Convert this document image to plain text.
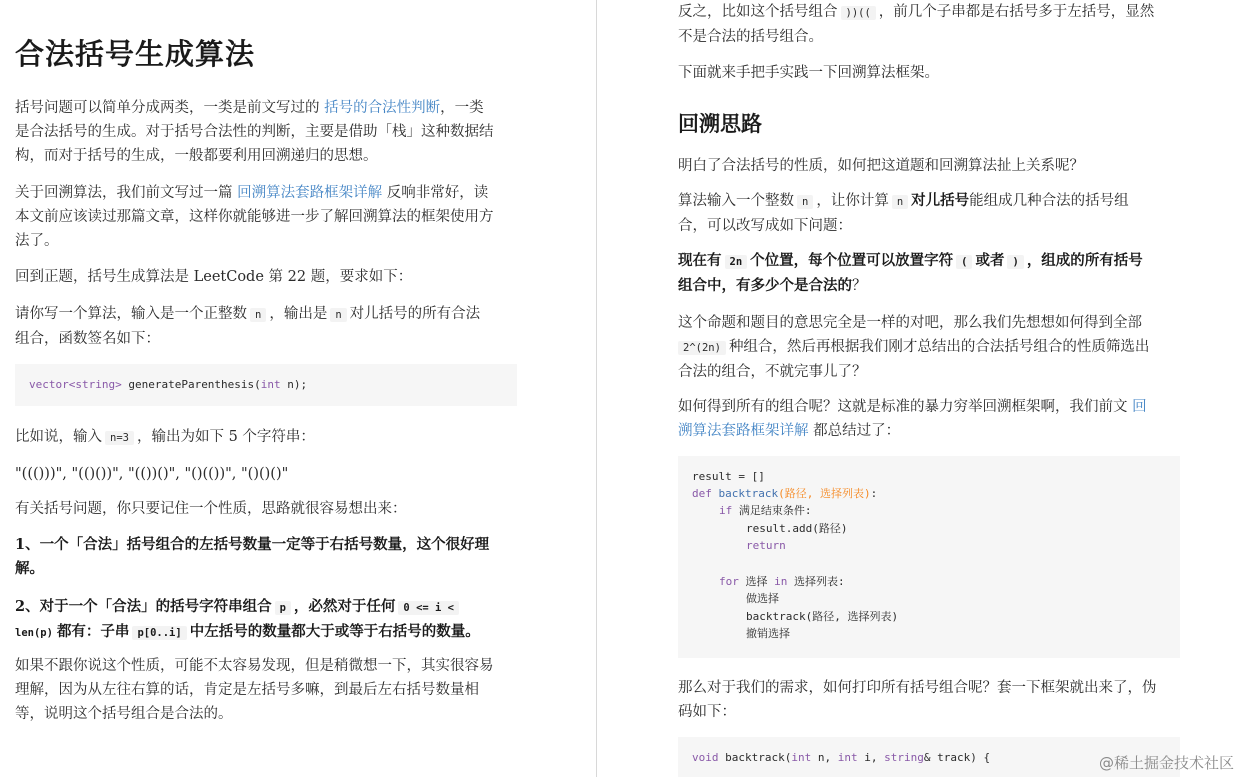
合法括号生成算法
括号问题可以简单分成两类，一类是前文写过的 括号的合法性判断，一类
是合法括号的生成。对于括号合法性的判断，主要是借助「栈」这种数据结
构，而对于括号的生成，一般都要利用回溯递归的思想。
关于回溯算法，我们前文写过一篇 回溯算法套路框架详解 反响非常好，读
本文前应该读过那篇文章，这样你就能够进一步了解回溯算法的框架使用方
法了。
回到正题，括号生成算法是 LeetCode 第 22 题，要求如下：
请你写一个算法，输入是一个正整数 n ，输出是 n 对儿括号的所有合法
组合，函数签名如下：
vector<string> generateParenthesis(int n);
比如说，输入 n=3 ，输出为如下 5 个字符串：
"((()))", "(()())", "(())()", "()(())", "()()()"
有关括号问题，你只要记住一个性质，思路就很容易想出来：
1、一个「合法」括号组合的左括号数量一定等于右括号数量，这个很好理
解。
2、对于一个「合法」的括号字符串组合 p ，必然对于任何 0 <= i <
len(p) 都有：子串 p[0..i] 中左括号的数量都大于或等于右括号的数量。
如果不跟你说这个性质，可能不太容易发现，但是稍微想一下，其实很容易
理解，因为从左往右算的话，肯定是左括号多嘛，到最后左右括号数量相
等，说明这个括号组合是合法的。
反之，比如这个括号组合 ))(( ，前几个子串都是右括号多于左括号，显然
不是合法的括号组合。
下面就来手把手实践一下回溯算法框架。
回溯思路
明白了合法括号的性质，如何把这道题和回溯算法扯上关系呢？
算法输入一个整数 n ，让你计算 n 对儿括号能组成几种合法的括号组
合，可以改写成如下问题：
现在有 2n 个位置，每个位置可以放置字符 ( 或者 ) ，组成的所有括号
组合中，有多少个是合法的？
这个命题和题目的意思完全是一样的对吧，那么我们先想想如何得到全部
2^(2n) 种组合，然后再根据我们刚才总结出的合法括号组合的性质筛选出
合法的组合，不就完事儿了？
如何得到所有的组合呢？这就是标准的暴力穷举回溯框架啊，我们前文 回
溯算法套路框架详解 都总结过了：
result = []
def backtrack(路径, 选择列表):
if 满足结束条件:
result.add(路径)
return
for 选择 in 选择列表:
做选择
backtrack(路径, 选择列表)
撤销选择
那么对于我们的需求，如何打印所有括号组合呢？套一下框架就出来了，伪
码如下：
void backtrack(int n, int i, string& track) {	@稀土掘金技术社区
